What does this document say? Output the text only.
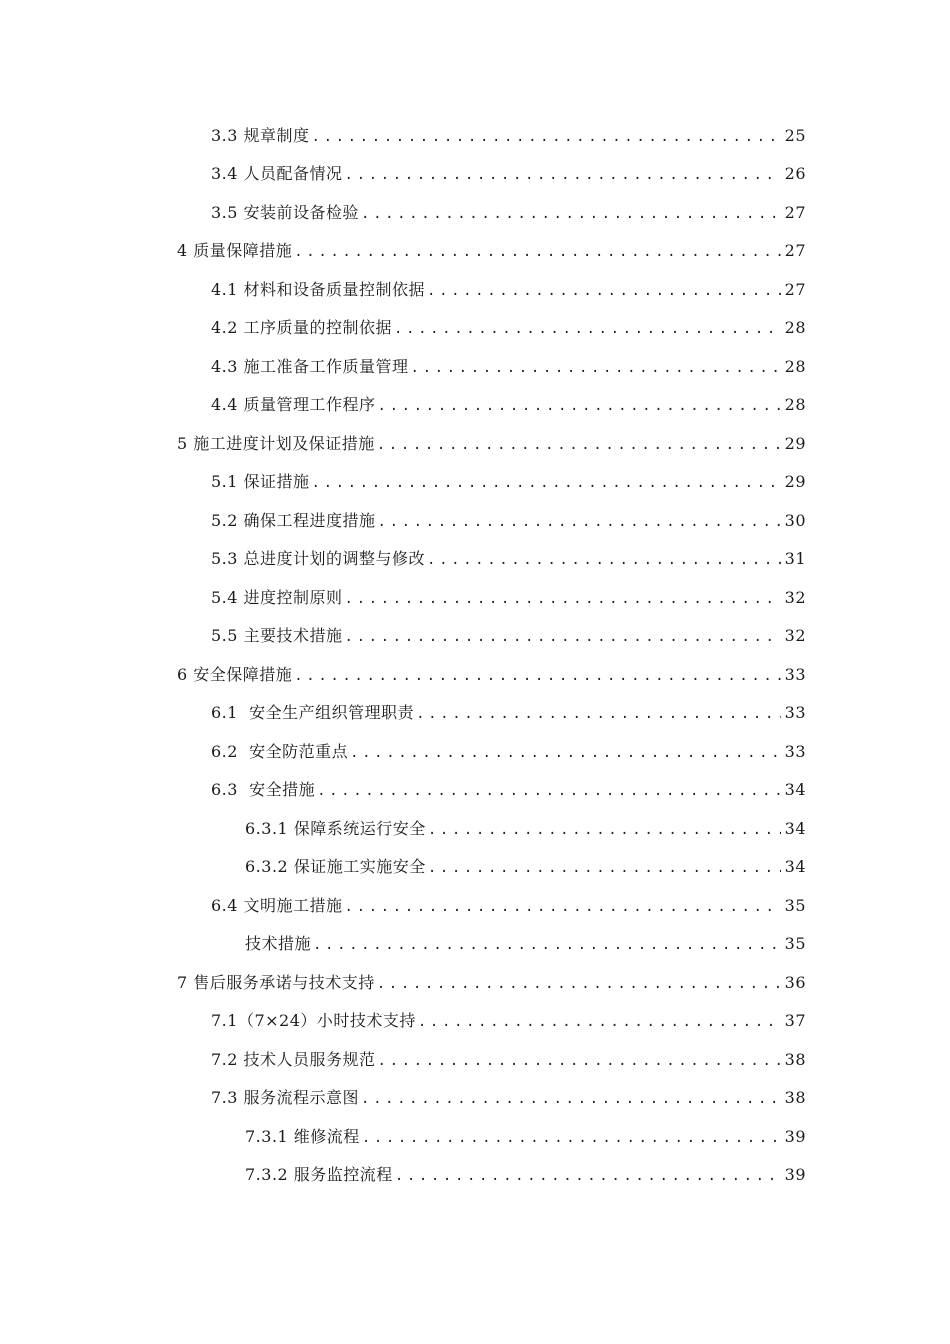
3.3 规章制度 .....	25
3.4 人员配备情况 .....	26
3.5 安装前设备检验 .....	27
4 质量保障措施 .....	27
4.1 材料和设备质量控制依据 .....	27
4.2 工序质量的控制依据 .....	28
4.3 施工准备工作质量管理 .....	28
4.4 质量管理工作程序 .....	28
5 施工进度计划及保证措施 .....	29
5.1 保证措施 .....	29
5.2 确保工程进度措施 .....	30
5.3 总进度计划的调整与修改 .....	31
5.4 进度控制原则 .....	32
5.5 主要技术措施 .....	32
6 安全保障措施 .....	33
6.1  安全生产组织管理职责 .....	33
6.2  安全防范重点 .....	33
6.3  安全措施 .....	34
6.3.1 保障系统运行安全 .....	34
6.3.2 保证施工实施安全 .....	34
6.4 文明施工措施 .....	35
技术措施 .....	35
7 售后服务承诺与技术支持 .....	36
7.1（7×24）小时技术支持 .....	37
7.2 技术人员服务规范 .....	38
7.3 服务流程示意图 .....	38
7.3.1 维修流程 .....	39
7.3.2 服务监控流程 .....	39
